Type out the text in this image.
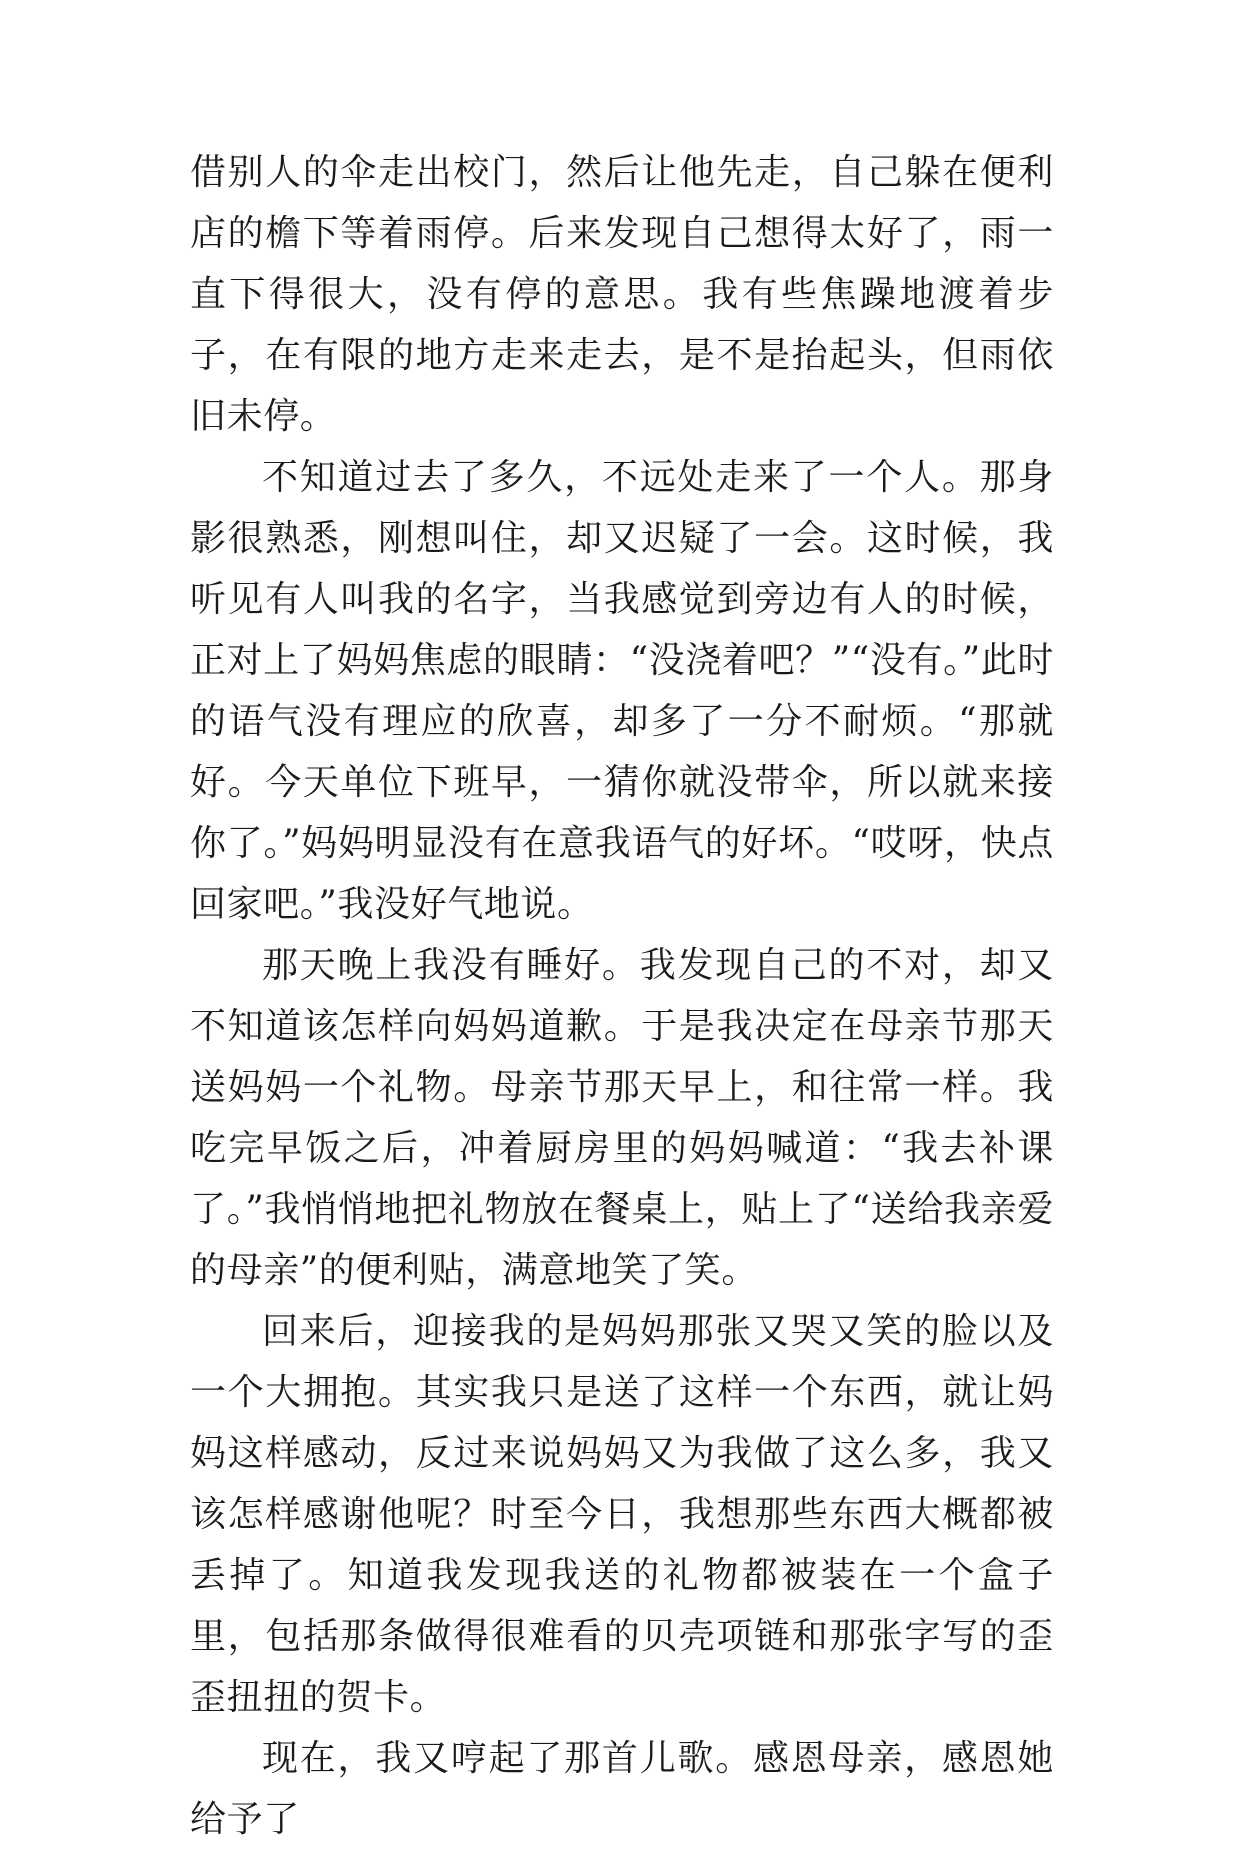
借别人的伞走出校门，然后让他先走，自己躲在便利店的檐下等着雨停。后来发现自己想得太好了，雨一直下得很大，没有停的意思。我有些焦躁地渡着步子，在有限的地方走来走去，是不是抬起头，但雨依旧未停。

不知道过去了多久，不远处走来了一个人。那身影很熟悉，刚想叫住，却又迟疑了一会。这时候，我听见有人叫我的名字，当我感觉到旁边有人的时候，正对上了妈妈焦虑的眼睛：“没浇着吧？”“没有。”此时的语气没有理应的欣喜，却多了一分不耐烦。“那就好。今天单位下班早，一猜你就没带伞，所以就来接你了。”妈妈明显没有在意我语气的好坏。“哎呀，快点回家吧。”我没好气地说。

那天晚上我没有睡好。我发现自己的不对，却又不知道该怎样向妈妈道歉。于是我决定在母亲节那天送妈妈一个礼物。母亲节那天早上，和往常一样。我吃完早饭之后，冲着厨房里的妈妈喊道：“我去补课了。”我悄悄地把礼物放在餐桌上，贴上了“送给我亲爱的母亲”的便利贴，满意地笑了笑。

回来后，迎接我的是妈妈那张又哭又笑的脸以及一个大拥抱。其实我只是送了这样一个东西，就让妈妈这样感动，反过来说妈妈又为我做了这么多，我又该怎样感谢他呢？时至今日，我想那些东西大概都被丢掉了。知道我发现我送的礼物都被装在一个盒子里，包括那条做得很难看的贝壳项链和那张字写的歪歪扭扭的贺卡。

现在，我又哼起了那首儿歌。感恩母亲，感恩她给予了
